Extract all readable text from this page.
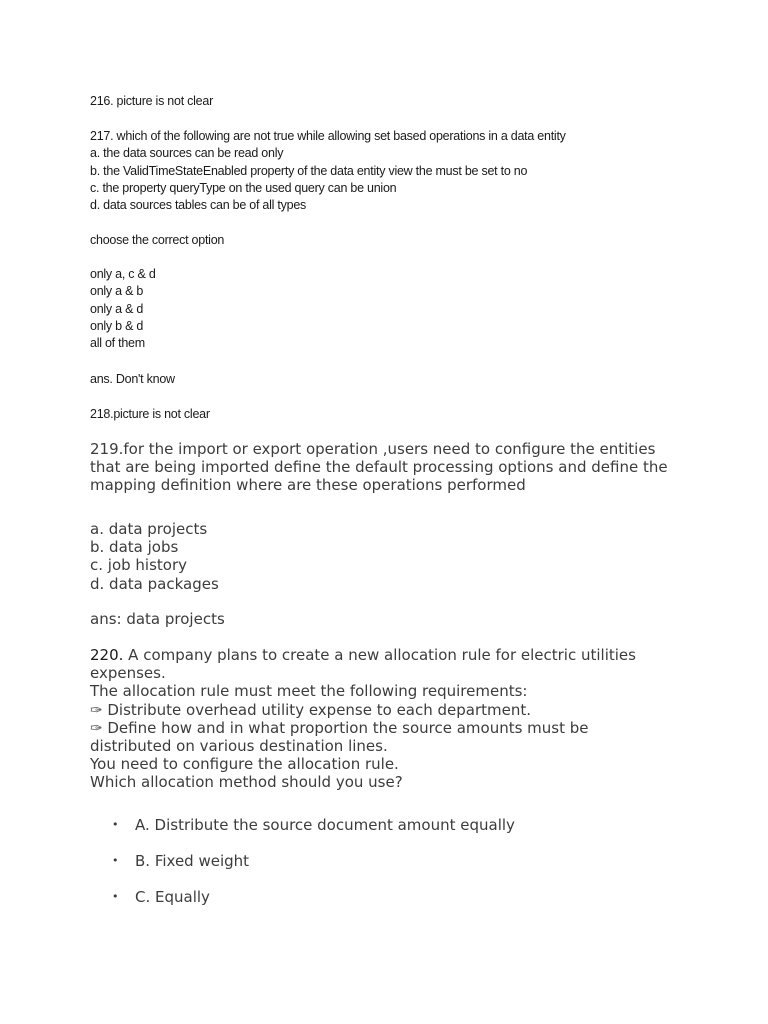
216. picture is not clear
217. which of the following are not true while allowing set based operations in a data entity
a. the data sources can be read only
b. the ValidTimeStateEnabled property of the data entity view the must be set to no
c. the property queryType on the used query can be union
d. data sources tables can be of all types
choose the correct option
only a, c & d
only a & b
only a & d
only b & d
all of them
ans. Don't know
218.picture is not clear
219.for the import or export operation ,users need to configure the entities
that are being imported define the default processing options and define the
mapping definition where are these operations performed
a. data projects
b. data jobs
c. job history
d. data packages
ans: data projects
220. A company plans to create a new allocation rule for electric utilities
expenses.
The allocation rule must meet the following requirements:
✑ Distribute overhead utility expense to each department.
✑ Define how and in what proportion the source amounts must be
distributed on various destination lines.
You need to configure the allocation rule.
Which allocation method should you use?
• A. Distribute the source document amount equally
• B. Fixed weight
• C. Equally
